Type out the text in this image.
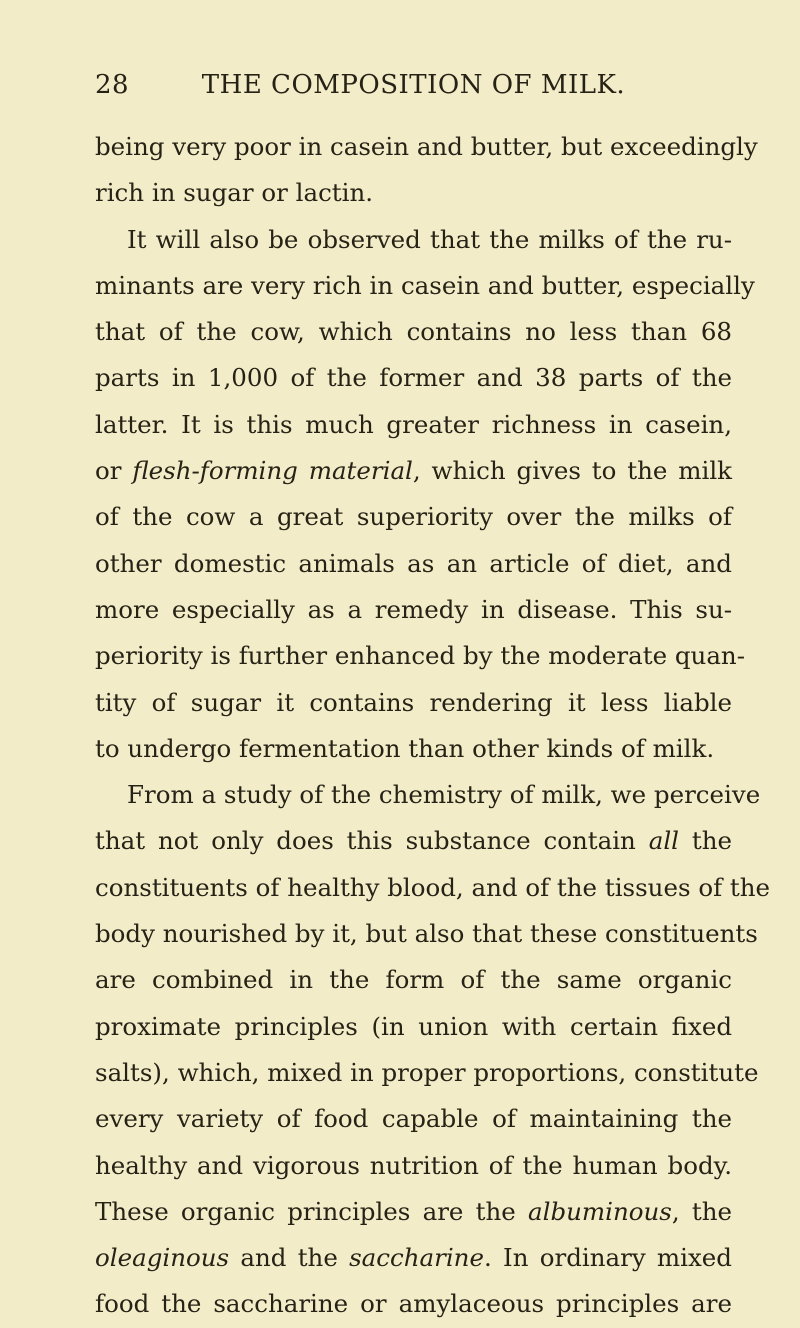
28	THE COMPOSITION OF MILK.
being very poor in casein and butter, but exceedingly
rich in sugar or lactin.
It will also be observed that the milks of the ru-
minants are very rich in casein and butter, especially
that of the cow, which contains no less than 68
parts in 1,000 of the former and 38 parts of the
latter. It is this much greater richness in casein,
or flesh-forming material, which gives to the milk
of the cow a great superiority over the milks of
other domestic animals as an article of diet, and
more especially as a remedy in disease. This su-
periority is further enhanced by the moderate quan-
tity of sugar it contains rendering it less liable
to undergo fermentation than other kinds of milk.
From a study of the chemistry of milk, we perceive
that not only does this substance contain all the
constituents of healthy blood, and of the tissues of the
body nourished by it, but also that these constituents
are combined in the form of the same organic
proximate principles (in union with certain fixed
salts), which, mixed in proper proportions, constitute
every variety of food capable of maintaining the
healthy and vigorous nutrition of the human body.
These organic principles are the albuminous, the
oleaginous and the saccharine. In ordinary mixed
food the saccharine or amylaceous principles are
